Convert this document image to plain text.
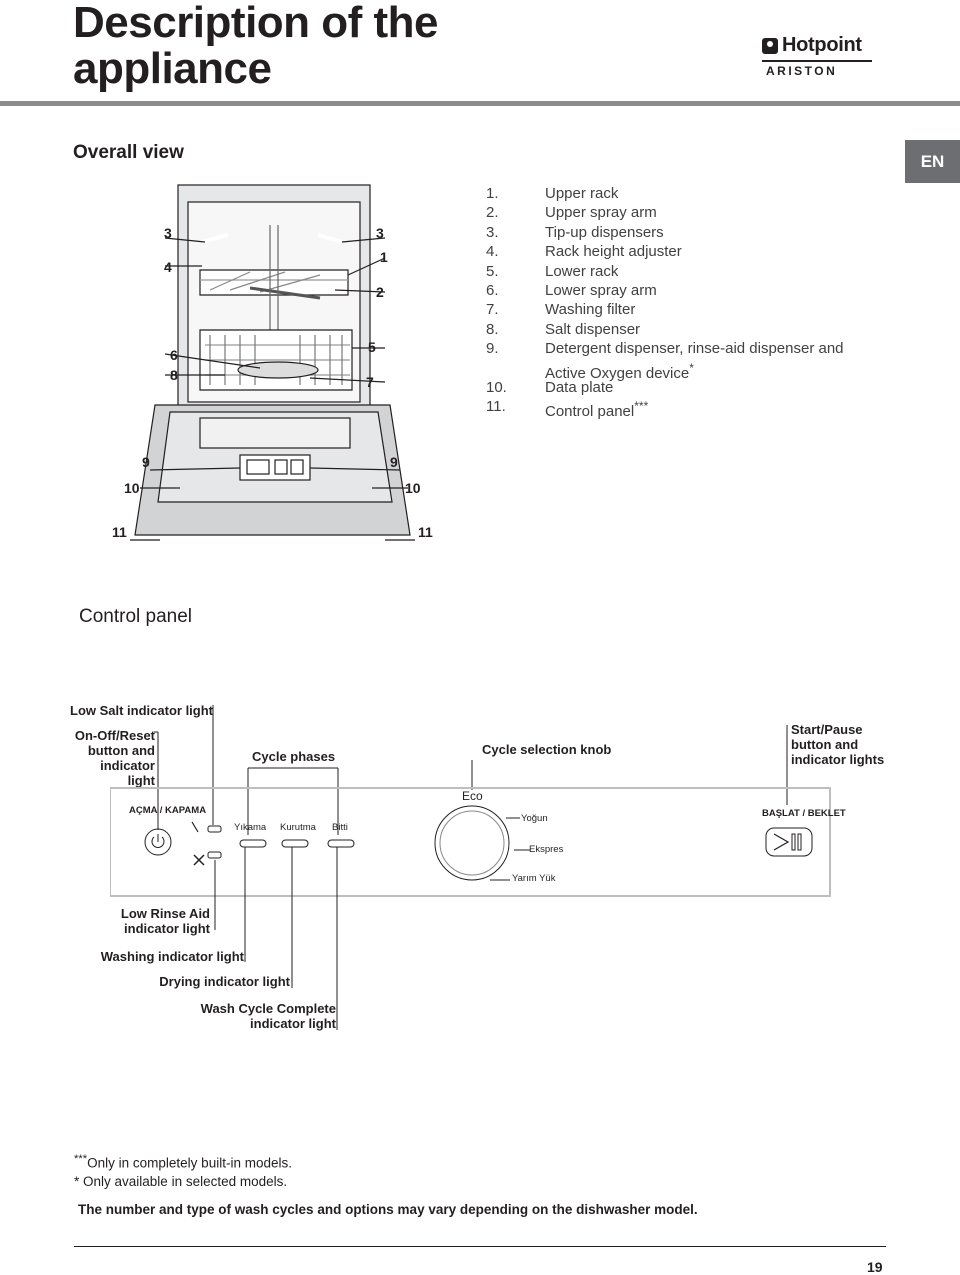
Description of the
appliance	Hotpoint
ARISTON
Overall view	EN
3
4
6
8
3
1
2
5
7
9	9
10	10
11	11
1.	Upper rack
2.	Upper spray arm
3.	Tip-up dispensers
4.	Rack height adjuster
5.	Lower rack
6.	Lower spray arm
7.	Washing filter
8.	Salt dispenser
9.	Detergent dispenser, rinse-aid dispenser and
Active Oxygen device*
10.	Data plate
11.	Control panel***
Control panel
Low Salt indicator light
On-Off/Reset
button and
indicator light
Cycle phases	Cycle selection knob
Start/Pause
button and
indicator lights
AÇMA / KAPAMA
Yıkama Kurutma Bitti
Eco
Yoğun
Ekspres
Yarım Yük
BAŞLAT / BEKLET
Low Rinse Aid
indicator light
Washing indicator light
Drying indicator light
Wash Cycle Complete
indicator light
***Only in completely built-in models.
* Only available in selected models.
The number and type of wash cycles and options may vary depending on the dishwasher model.
19
